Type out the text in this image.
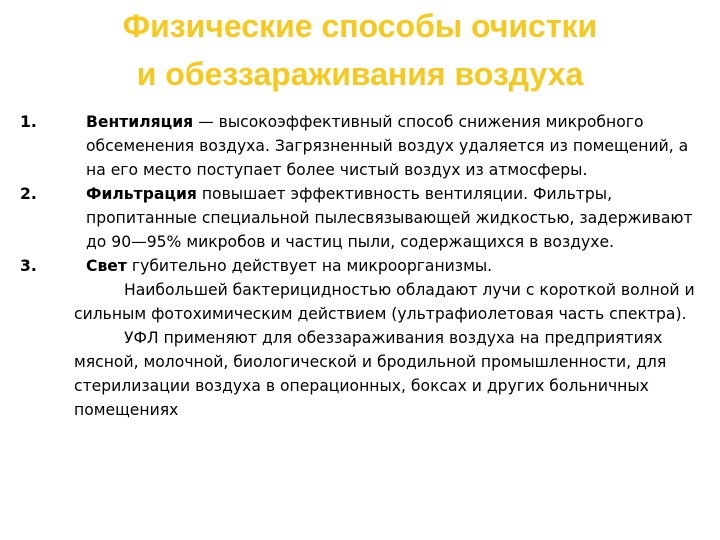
Физические способы очистки
и обеззараживания воздуха
1.	Вентиляция — высокоэффективный способ снижения микробного обсеменения воздуха. Загрязненный воздух удаляется из помещений, а на его место поступает более чистый воздух из атмосферы.
2.	Фильтрация повышает эффективность вентиляции. Фильтры, пропитанные специальной пылесвязывающей жидкостью, задерживают до 90—95% микробов и частиц пыли, содержащихся в воздухе.
3.	Свет губительно действует на микроорганизмы.
Наибольшей бактерицидностью обладают лучи с короткой волной и сильным фотохимическим действием (ультрафиолетовая часть спектра).
УФЛ применяют для обеззараживания воздуха на предприятиях мясной, молочной, биологической и бродильной промышленности, для стерилизации воздуха в операционных, боксах и других больничных помещениях
